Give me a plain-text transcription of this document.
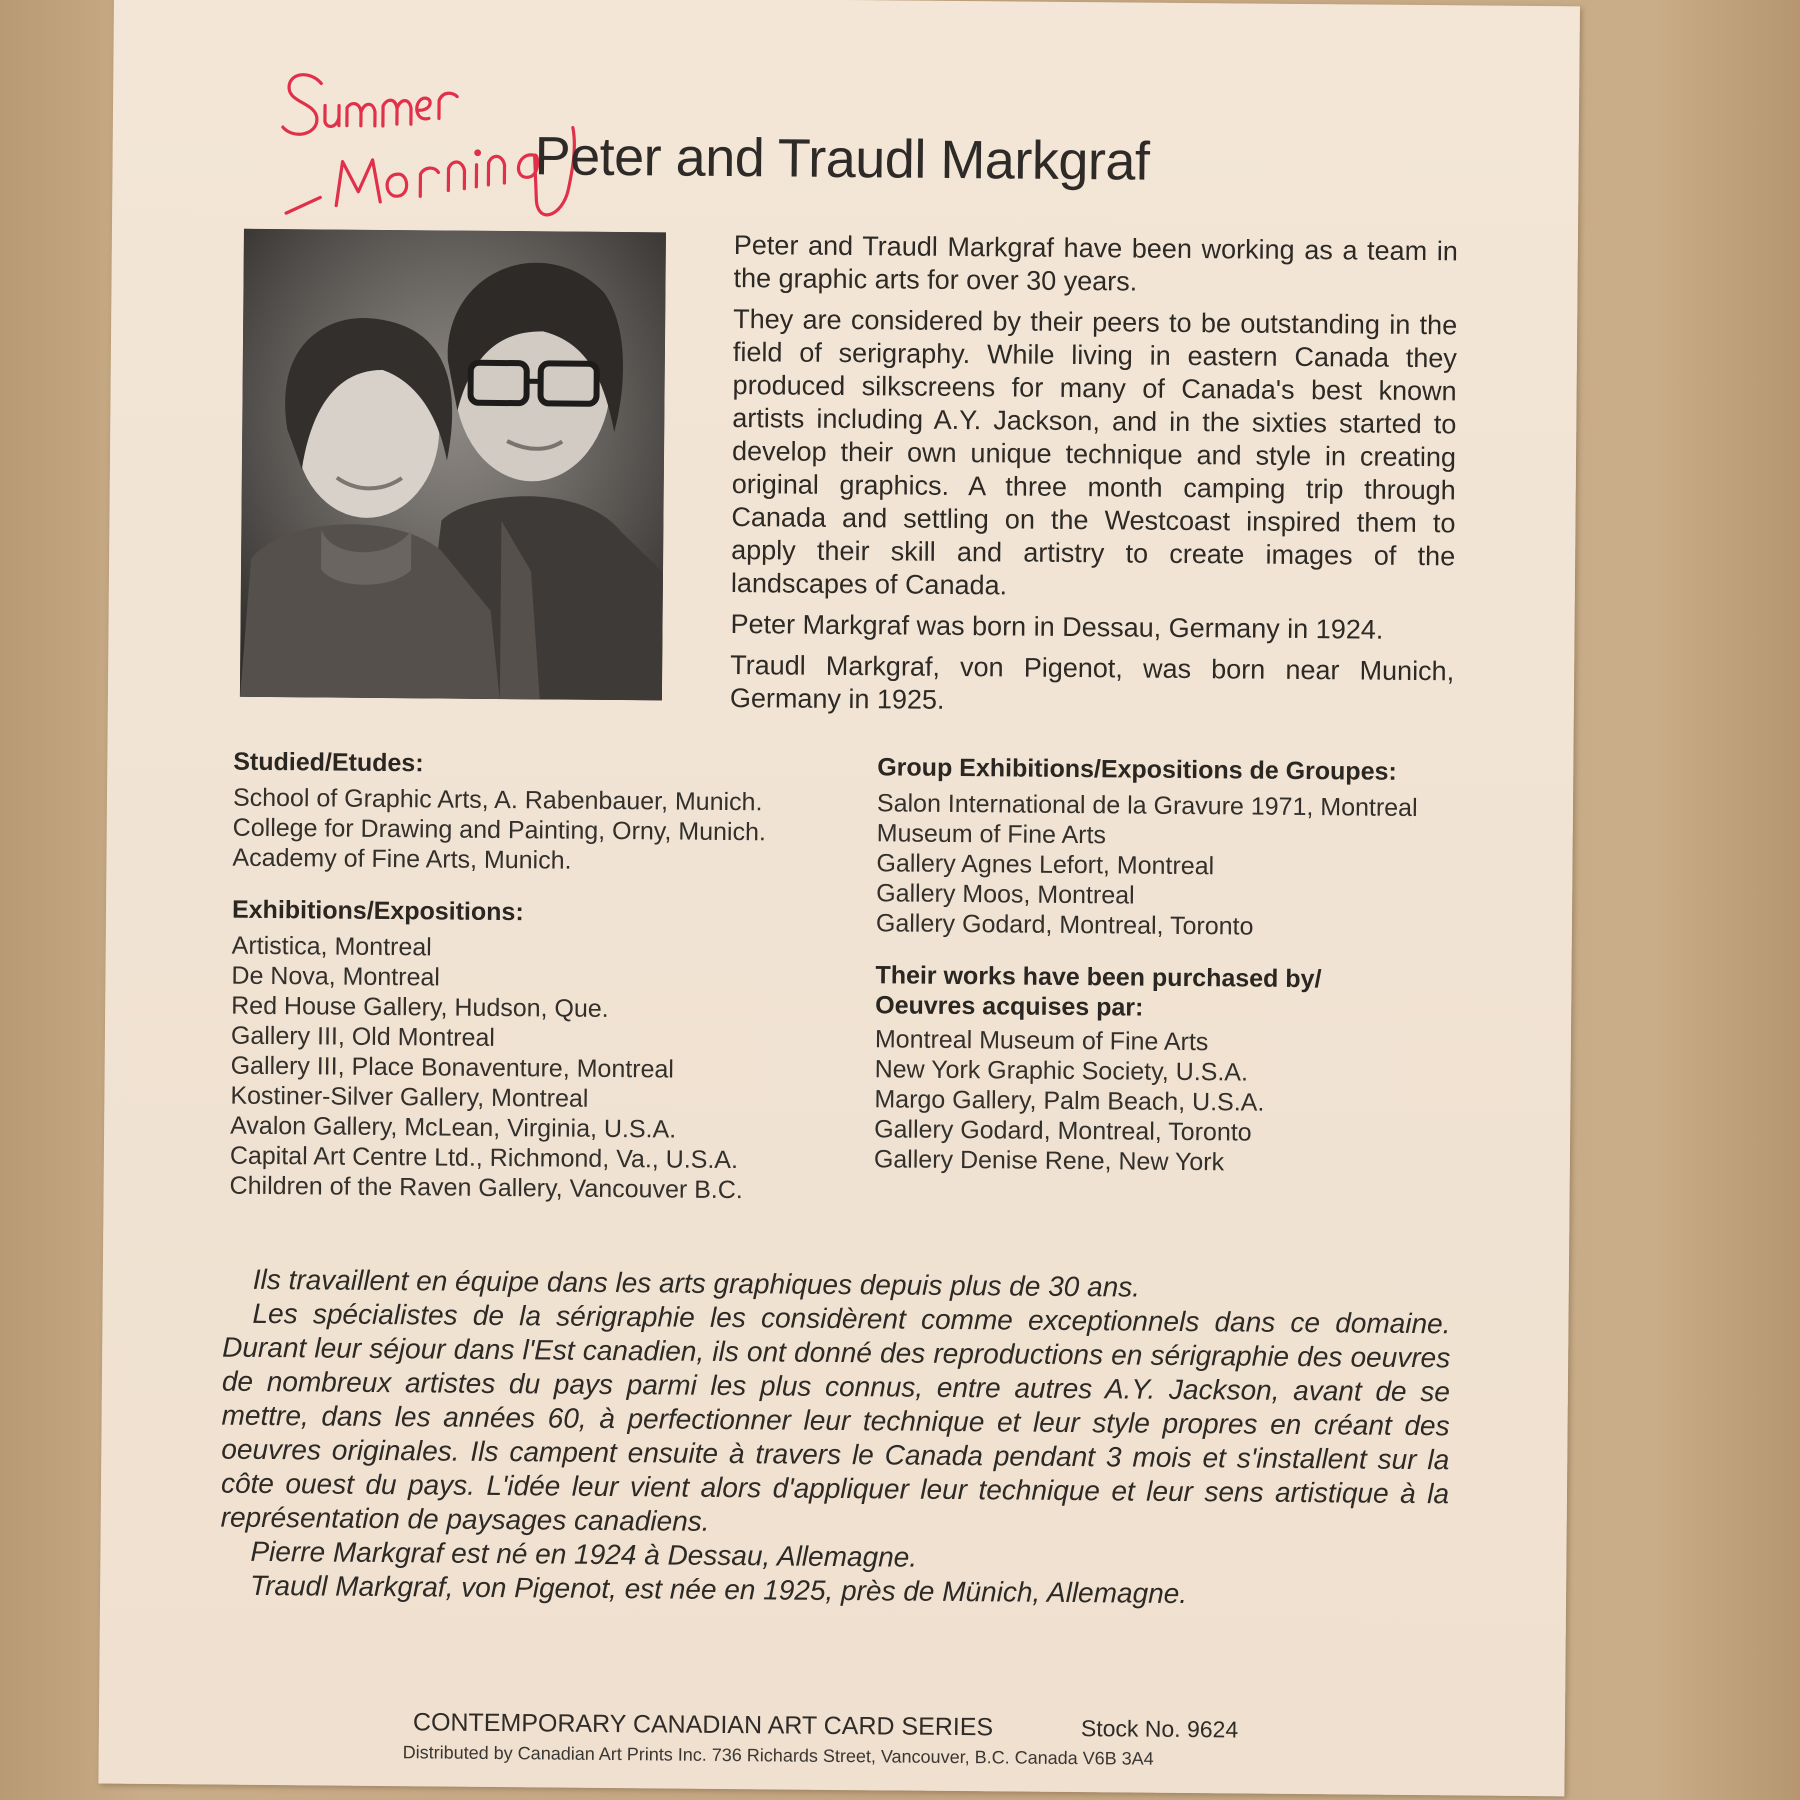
Peter and Traudl Markgraf

Peter and Traudl Markgraf have been working as a team in the graphic arts for over 30 years.

They are considered by their peers to be outstanding in the field of serigraphy. While living in eastern Canada they produced silkscreens for many of Canada's best known artists including A.Y. Jackson, and in the sixties started to develop their own unique technique and style in creating original graphics. A three month camping trip through Canada and settling on the Westcoast inspired them to apply their skill and artistry to create images of the landscapes of Canada.

Peter Markgraf was born in Dessau, Germany in 1924.

Traudl Markgraf, von Pigenot, was born near Munich, Germany in 1925.

Studied/Etudes:
School of Graphic Arts, A. Rabenbauer, Munich.
College for Drawing and Painting, Orny, Munich.
Academy of Fine Arts, Munich.
Exhibitions/Expositions:
Artistica, Montreal
De Nova, Montreal
Red House Gallery, Hudson, Que.
Gallery III, Old Montreal
Gallery III, Place Bonaventure, Montreal
Kostiner-Silver Gallery, Montreal
Avalon Gallery, McLean, Virginia, U.S.A.
Capital Art Centre Ltd., Richmond, Va., U.S.A.
Children of the Raven Gallery, Vancouver B.C.
Group Exhibitions/Expositions de Groupes:
Salon International de la Gravure 1971, Montreal
Museum of Fine Arts
Gallery Agnes Lefort, Montreal
Gallery Moos, Montreal
Gallery Godard, Montreal, Toronto
Their works have been purchased by/
Oeuvres acquises par:
Montreal Museum of Fine Arts
New York Graphic Society, U.S.A.
Margo Gallery, Palm Beach, U.S.A.
Gallery Godard, Montreal, Toronto
Gallery Denise Rene, New York

Ils travaillent en équipe dans les arts graphiques depuis plus de 30 ans.

Les spécialistes de la sérigraphie les considèrent comme exceptionnels dans ce domaine. Durant leur séjour dans l'Est canadien, ils ont donné des reproductions en sérigraphie des oeuvres de nombreux artistes du pays parmi les plus connus, entre autres A.Y. Jackson, avant de se mettre, dans les années 60, à perfectionner leur technique et leur style propres en créant des oeuvres originales. Ils campent ensuite à travers le Canada pendant 3 mois et s'installent sur la côte ouest du pays. L'idée leur vient alors d'appliquer leur technique et leur sens artistique à la représentation de paysages canadiens.

Pierre Markgraf est né en 1924 à Dessau, Allemagne.

Traudl Markgraf, von Pigenot, est née en 1925, près de Münich, Allemagne.

CONTEMPORARY CANADIAN ART CARD SERIES	Stock No. 9624
Distributed by Canadian Art Prints Inc. 736 Richards Street, Vancouver, B.C. Canada V6B 3A4
